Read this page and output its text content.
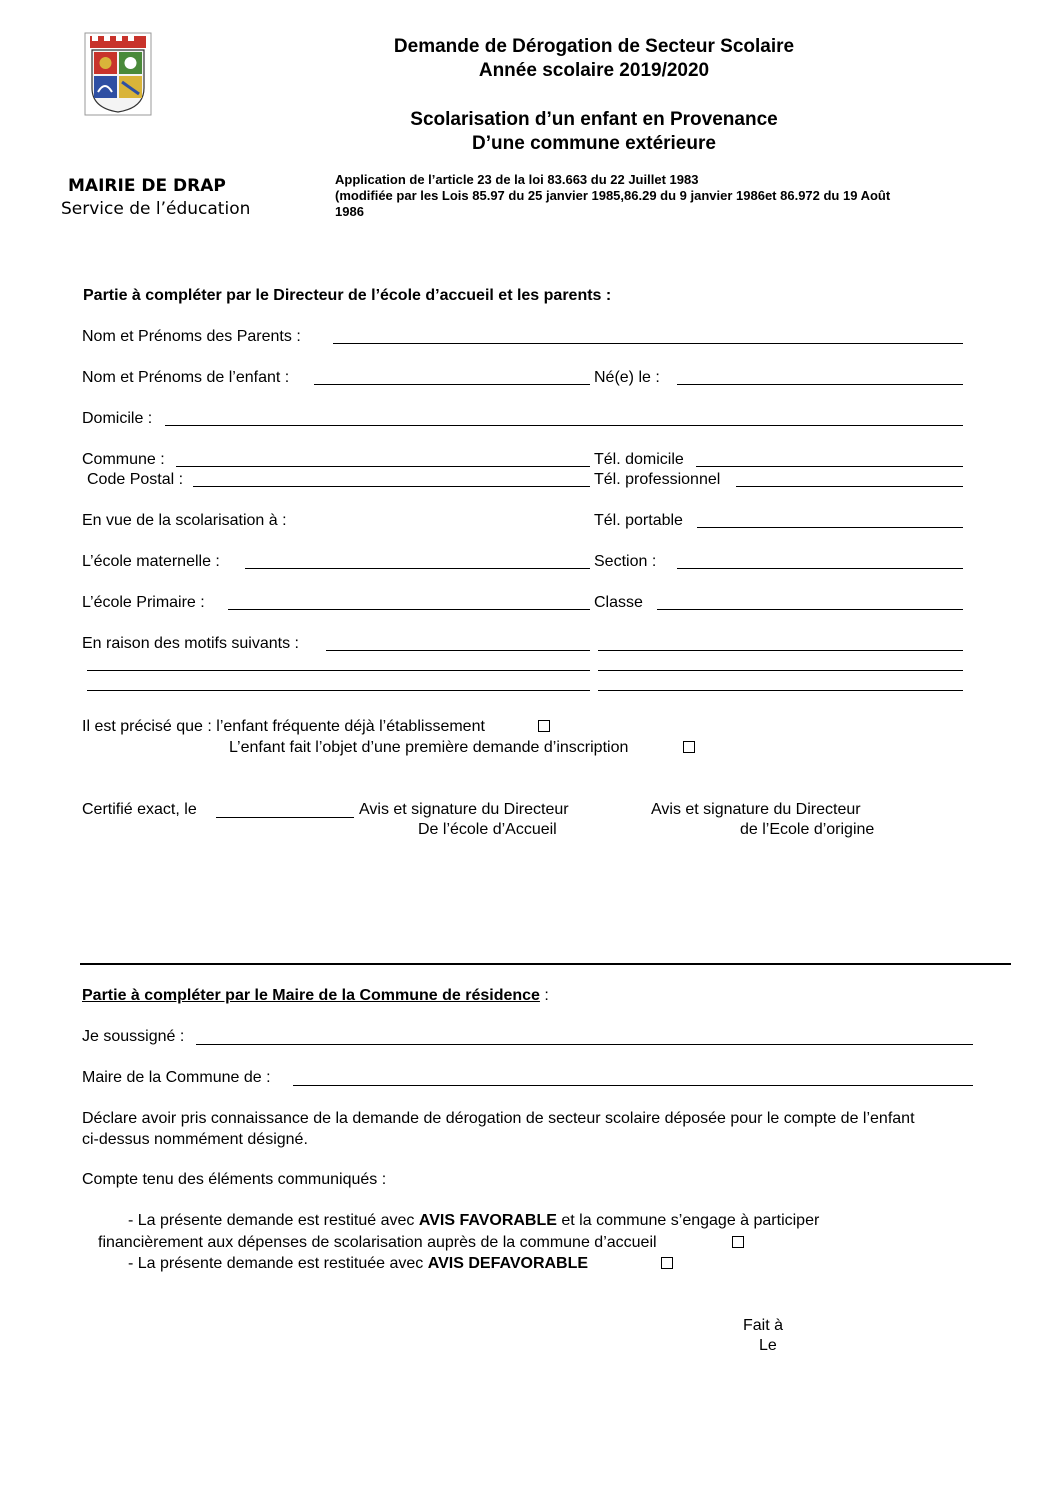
Demande de Dérogation de Secteur Scolaire
Année scolaire 2019/2020
Scolarisation d’un enfant en Provenance
D’une commune extérieure
MAIRIE DE DRAP
Service de l’éducation
Application de l’article 23 de la loi 83.663 du 22 Juillet 1983
(modifiée par les Lois 85.97 du 25 janvier 1985,86.29 du 9 janvier 1986et 86.972 du 19 Août
1986
Partie à compléter par le Directeur de l’école d’accueil et les parents :
Nom et Prénoms des Parents :
Nom et Prénoms de l’enfant :	Né(e) le :
Domicile :
Commune :	Tél. domicile
Code Postal :	Tél. professionnel
En vue de la scolarisation à :	Tél. portable
L’école maternelle :	Section :
L’école Primaire :	Classe
En raison des motifs suivants :
Il est précisé que : l’enfant fréquente déjà l’établissement
L’enfant fait l’objet d’une première demande d’inscription
Certifié exact, le	Avis et signature du Directeur
De l’école d’Accueil
Avis et signature du Directeur
de l’Ecole d’origine
Partie à compléter par le Maire de la Commune de résidence :
Je soussigné :
Maire de la Commune de :
Déclare avoir pris connaissance de la demande de dérogation de secteur scolaire déposée pour le compte de l’enfant
ci-dessus nommément désigné.
Compte tenu des éléments communiqués :
- La présente demande est restitué avec AVIS FAVORABLE et la commune s’engage à participer
financièrement aux dépenses de scolarisation auprès de la commune d’accueil
- La présente demande est restituée avec AVIS DEFAVORABLE
Fait à
Le
